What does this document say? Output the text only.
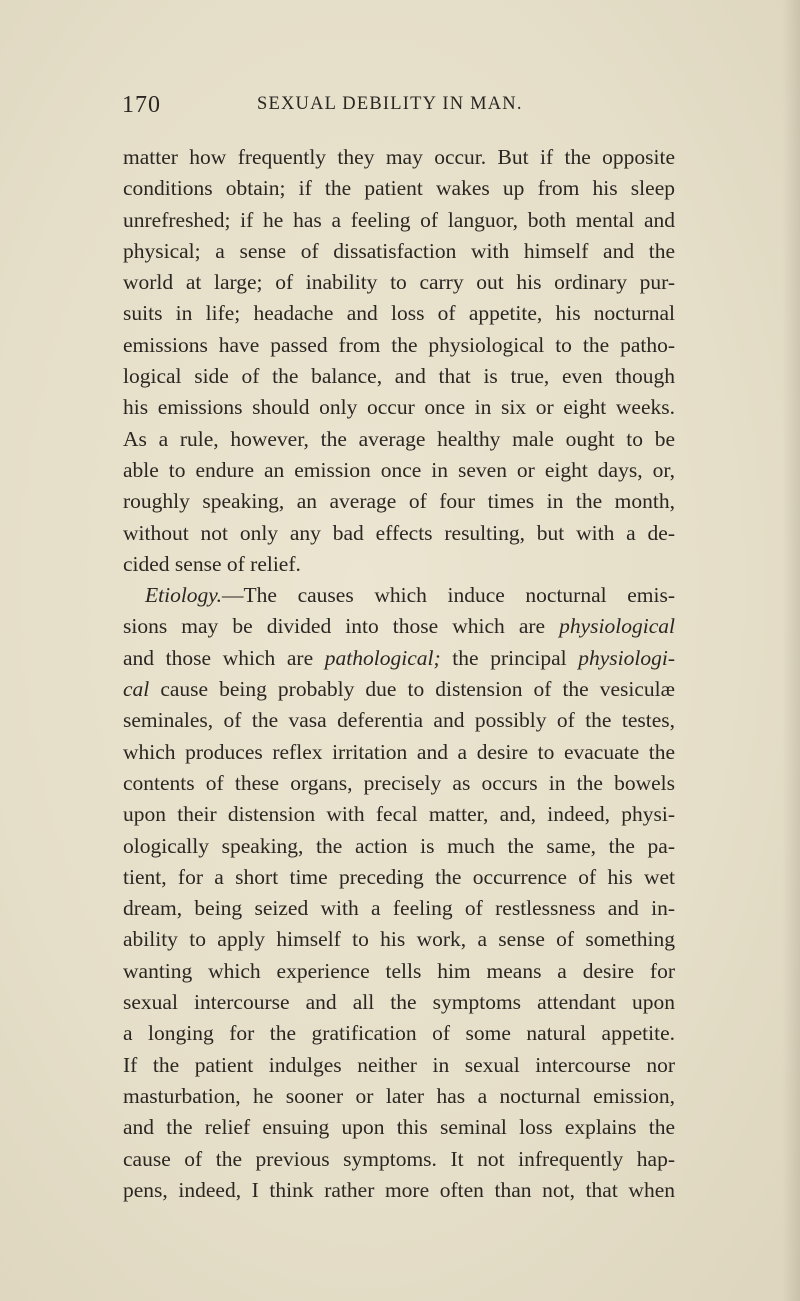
170	SEXUAL DEBILITY IN MAN.
matter how frequently they may occur. But if the opposite
conditions obtain; if the patient wakes up from his sleep
unrefreshed; if he has a feeling of languor, both mental and
physical; a sense of dissatisfaction with himself and the
world at large; of inability to carry out his ordinary pur-
suits in life; headache and loss of appetite, his nocturnal
emissions have passed from the physiological to the patho-
logical side of the balance, and that is true, even though
his emissions should only occur once in six or eight weeks.
As a rule, however, the average healthy male ought to be
able to endure an emission once in seven or eight days, or,
roughly speaking, an average of four times in the month,
without not only any bad effects resulting, but with a de-
cided sense of relief.
Etiology.—The causes which induce nocturnal emis-
sions may be divided into those which are physiological
and those which are pathological; the principal physiologi-
cal cause being probably due to distension of the vesiculæ
seminales, of the vasa deferentia and possibly of the testes,
which produces reflex irritation and a desire to evacuate the
contents of these organs, precisely as occurs in the bowels
upon their distension with fecal matter, and, indeed, physi-
ologically speaking, the action is much the same, the pa-
tient, for a short time preceding the occurrence of his wet
dream, being seized with a feeling of restlessness and in-
ability to apply himself to his work, a sense of something
wanting which experience tells him means a desire for
sexual intercourse and all the symptoms attendant upon
a longing for the gratification of some natural appetite.
If the patient indulges neither in sexual intercourse nor
masturbation, he sooner or later has a nocturnal emission,
and the relief ensuing upon this seminal loss explains the
cause of the previous symptoms. It not infrequently hap-
pens, indeed, I think rather more often than not, that when
